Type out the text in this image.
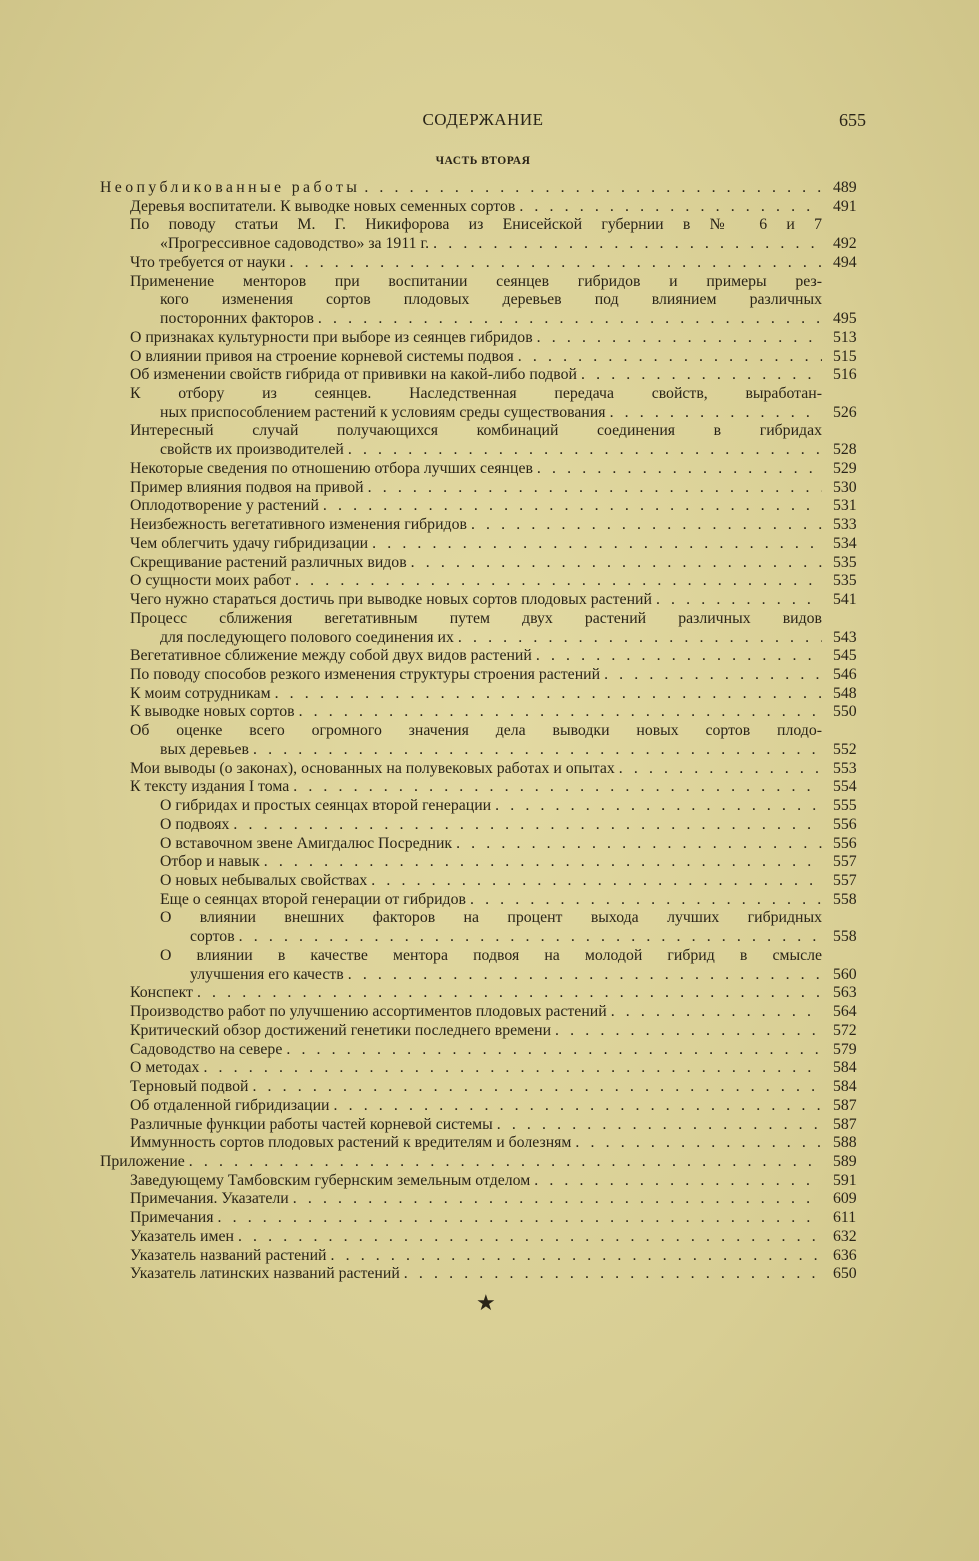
СОДЕРЖАНИЕ	655
ЧАСТЬ ВТОРАЯ
Неопубликованные работы . . .	489
Деревья воспитатели. К выводке новых семенных сортов . . .	491
По поводу статьи М. Г. Никифорова из Енисейской губернии в № 6 и 7
«Прогрессивное садоводство» за 1911 г. . . .	492
Что требуется от науки . . .	494
Применение менторов при воспитании сеянцев гибридов и примеры рез-
кого изменения сортов плодовых деревьев под влиянием различных
посторонних факторов . . .	495
О признаках культурности при выборе из сеянцев гибридов . . .	513
О влиянии привоя на строение корневой системы подвоя . . .	515
Об изменении свойств гибрида от прививки на какой-либо подвой . . .	516
К отбору из сеянцев. Наследственная передача свойств, выработан-
ных приспособлением растений к условиям среды существования . . .	526
Интересный случай получающихся комбинаций соединения в гибридах
свойств их производителей . . .	528
Некоторые сведения по отношению отбора лучших сеянцев . . .	529
Пример влияния подвоя на привой . . .	530
Оплодотворение у растений . . .	531
Неизбежность вегетативного изменения гибридов . . .	533
Чем облегчить удачу гибридизации . . .	534
Скрещивание растений различных видов . . .	535
О сущности моих работ . . .	535
Чего нужно стараться достичь при выводке новых сортов плодовых растений . . .	541
Процесс сближения вегетативным путем двух растений различных видов
для последующего полового соединения их . . .	543
Вегетативное сближение между собой двух видов растений . . .	545
По поводу способов резкого изменения структуры строения растений . . .	546
К моим сотрудникам . . .	548
К выводке новых сортов . . .	550
Об оценке всего огромного значения дела выводки новых сортов плодо-
вых деревьев . . .	552
Мои выводы (о законах), основанных на полувековых работах и опытах . . .	553
К тексту издания I тома . . .	554
О гибридах и простых сеянцах второй генерации . . .	555
О подвоях . . .	556
О вставочном звене Амигдалюс Посредник . . .	556
Отбор и навык . . .	557
О новых небывалых свойствах . . .	557
Еще о сеянцах второй генерации от гибридов . . .	558
О влиянии внешних факторов на процент выхода лучших гибридных
сортов . . .	558
О влиянии в качестве ментора подвоя на молодой гибрид в смысле
улучшения его качеств . . .	560
Конспект . . .	563
Производство работ по улучшению ассортиментов плодовых растений . . .	564
Критический обзор достижений генетики последнего времени . . .	572
Садоводство на севере . . .	579
О методах . . .	584
Терновый подвой . . .	584
Об отдаленной гибридизации . . .	587
Различные функции работы частей корневой системы . . .	587
Иммунность сортов плодовых растений к вредителям и болезням . . .	588
Приложение . . .	589
Заведующему Тамбовским губернским земельным отделом . . .	591
Примечания. Указатели . . .	609
Примечания . . .	611
Указатель имен . . .	632
Указатель названий растений . . .	636
Указатель латинских названий растений . . .	650
★
